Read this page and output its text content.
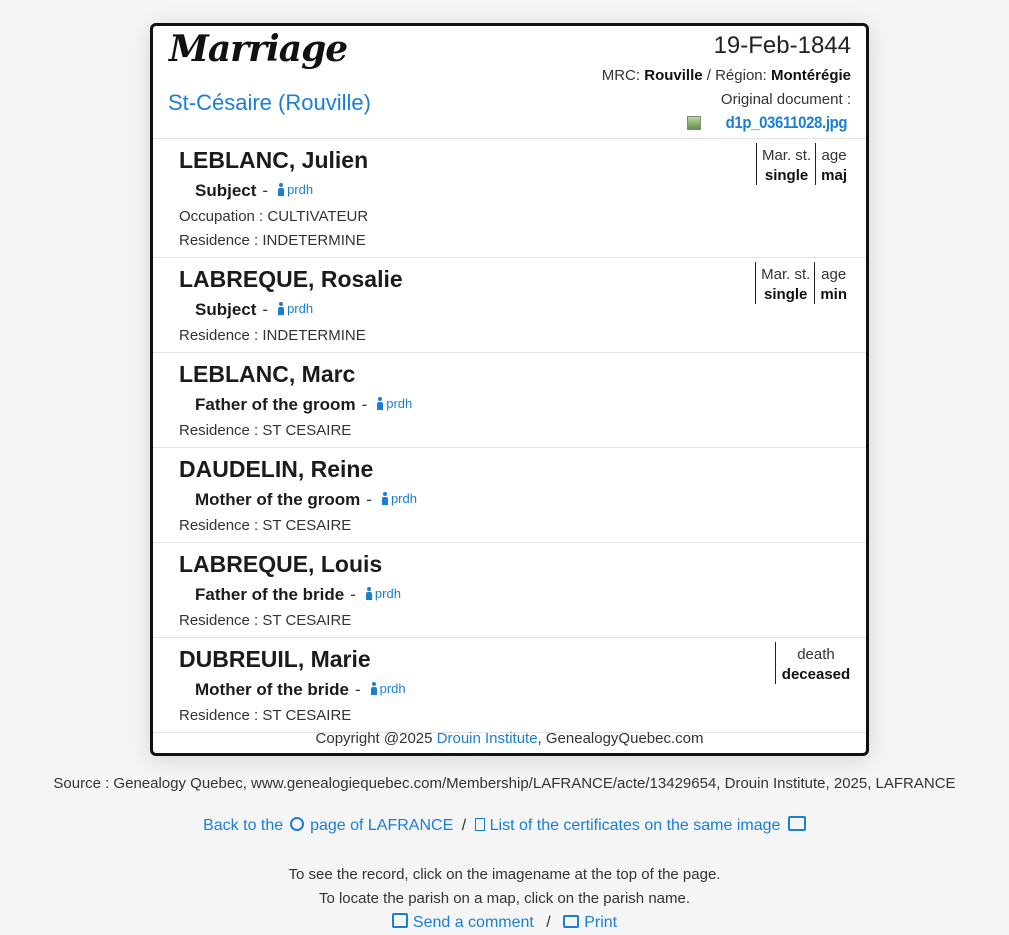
Marriage
St-Césaire (Rouville)
19-Feb-1844
MRC: Rouville / Région: Montérégie
Original document :
d1p_03611028.jpg
LEBLANC, Julien
Subject - prdh
Occupation : CULTIVATEUR
Residence : INDETERMINE
Mar. st.
single
age
maj
LABREQUE, Rosalie
Subject - prdh
Residence : INDETERMINE
Mar. st.
single
age
min
LEBLANC, Marc
Father of the groom - prdh
Residence : ST CESAIRE
DAUDELIN, Reine
Mother of the groom - prdh
Residence : ST CESAIRE
LABREQUE, Louis
Father of the bride - prdh
Residence : ST CESAIRE
DUBREUIL, Marie
Mother of the bride - prdh
Residence : ST CESAIRE
death
deceased
Copyright @2025 Drouin Institute, GenealogyQuebec.com
Source : Genealogy Quebec, www.genealogiequebec.com/Membership/LAFRANCE/acte/13429654, Drouin Institute, 2025, LAFRANCE
Back to the page of LAFRANCE / List of the certificates on the same image
To see the record, click on the imagename at the top of the page.
To locate the parish on a map, click on the parish name.
Send a comment / Print
